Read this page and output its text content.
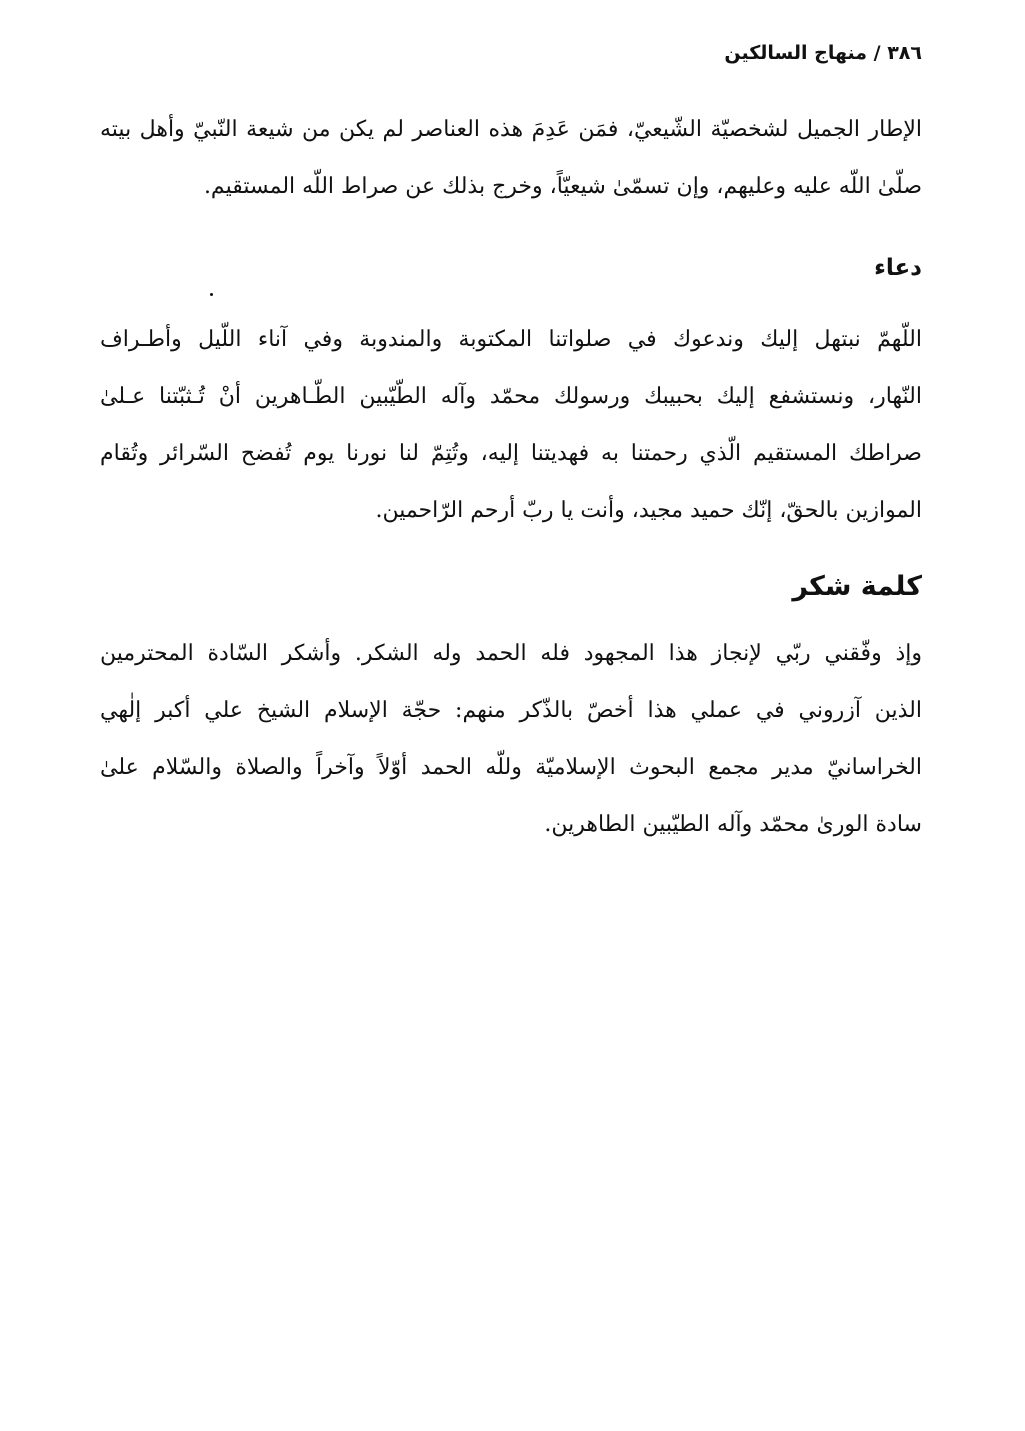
٣٨٦ / منهاج السالكين

الإطار الجميل لشخصيّة الشّيعيّ، فمَن عَدِمَ هذه العناصر لم يكن من شيعة النّبيّ وأهل بيته
صلّىٰ اللّه عليه وعليهم، وإن تسمّىٰ شيعيّاً، وخرج بذلك عن صراط اللّه المستقيم.

دعاء

اللّهمّ نبتهل إليك وندعوك في صلواتنا المكتوبة والمندوبة وفي آناء اللّيل وأطـراف
النّهار، ونستشفع إليك بحبيبك ورسولك محمّد وآله الطّيّبين الطّـاهرين أنْ تُـثبّتنا عـلىٰ
صراطك المستقيم الّذي رحمتنا به فهديتنا إليه، وتُتِمّ لنا نورنا يوم تُفضح السّرائر وتُقام
الموازين بالحقّ، إنّك حميد مجيد، وأنت يا ربّ أرحم الرّاحمين.

كلمة شكر

وإذ وفّقني ربّي لإنجاز هذا المجهود فله الحمد وله الشكر. وأشكر السّادة المحترمين
الذين آزروني في عملي هذا أخصّ بالذّكر منهم: حجّة الإسلام الشيخ علي أكبر إلٰهي
الخراسانيّ مدير مجمع البحوث الإسلاميّة وللّه الحمد أوّلاً وآخراً والصلاة والسّلام علىٰ
سادة الورىٰ محمّد وآله الطيّبين الطاهرين.
